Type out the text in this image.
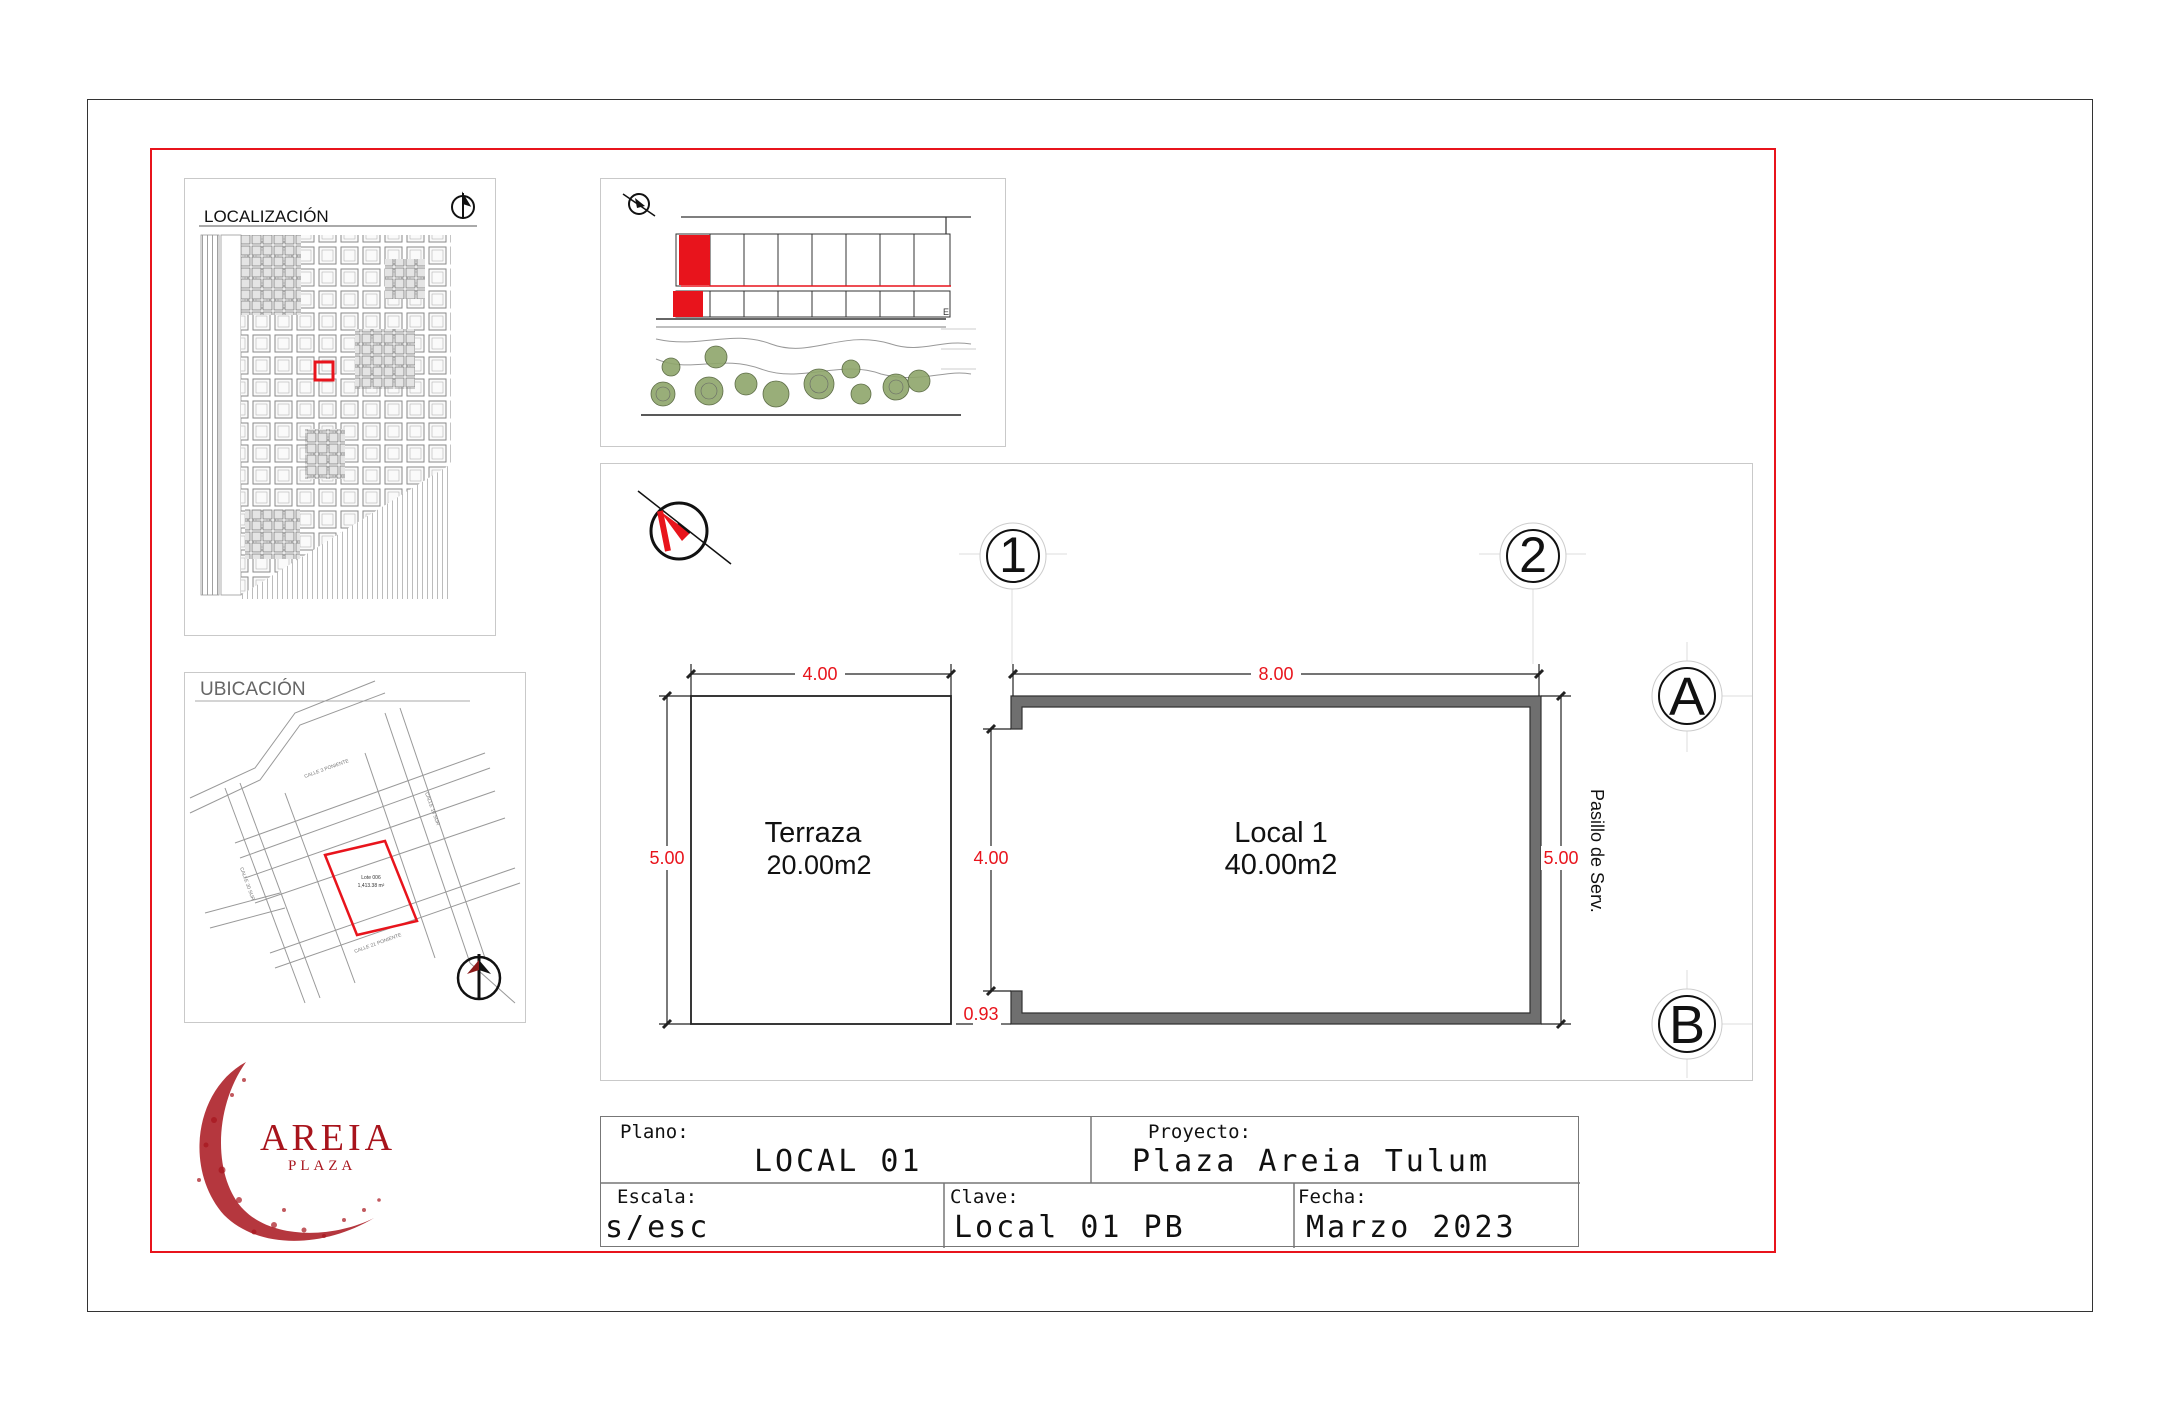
LOCALIZACIÓN
UBICACIÓN
Lote 006
1,413.38 m²
CALLE 3 PONIENTE
CALLE 21 PONIENTE
CALLE 30 SUR
CALLE 16 SUR
AREIA
PLAZA
E
1	2
A
B
Terraza
20.00m2
4.00
5.00
Local 1
40.00m2
8.00
4.00	5.00
0.93
Pasillo de Serv.
Plano:
LOCAL 01
Proyecto:
Plaza Areia Tulum
Escala:
s/esc
Clave:
Local 01 PB
Fecha:
Marzo 2023
